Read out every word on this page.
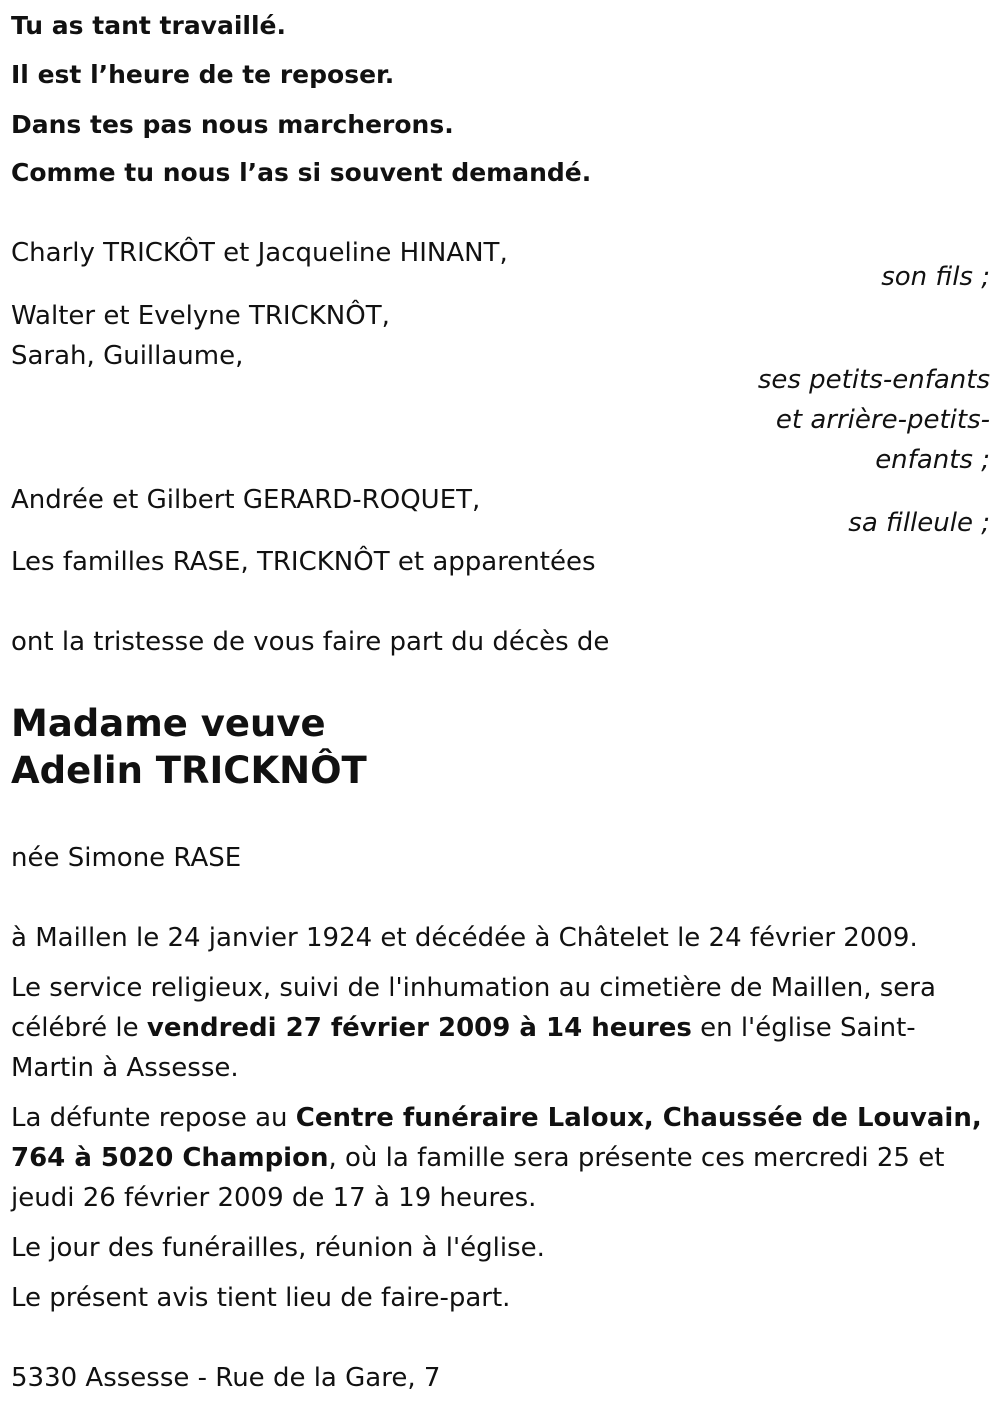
Tu as tant travaillé.
Il est l’heure de te reposer.
Dans tes pas nous marcherons.
Comme tu nous l’as si souvent demandé.
Charly TRICKÔT et Jacqueline HINANT,
son fils ;
Walter et Evelyne TRICKNÔT,
Sarah, Guillaume,
ses petits-enfants
et arrière-petits-
enfants ;
Andrée et Gilbert GERARD-ROQUET,
sa filleule ;
Les familles RASE, TRICKNÔT et apparentées
ont la tristesse de vous faire part du décès de
Madame veuve
Adelin TRICKNÔT
née Simone RASE
à Maillen le 24 janvier 1924 et décédée à Châtelet le 24 février 2009.
Le service religieux, suivi de l'inhumation au cimetière de Maillen, sera célébré le vendredi 27 février 2009 à 14 heures en l'église Saint-Martin à Assesse.
La défunte repose au Centre funéraire Laloux, Chaussée de Louvain, 764 à 5020 Champion, où la famille sera présente ces mercredi 25 et jeudi 26 février 2009 de 17 à 19 heures.
Le jour des funérailles, réunion à l'église.
Le présent avis tient lieu de faire-part.
5330 Assesse - Rue de la Gare, 7
